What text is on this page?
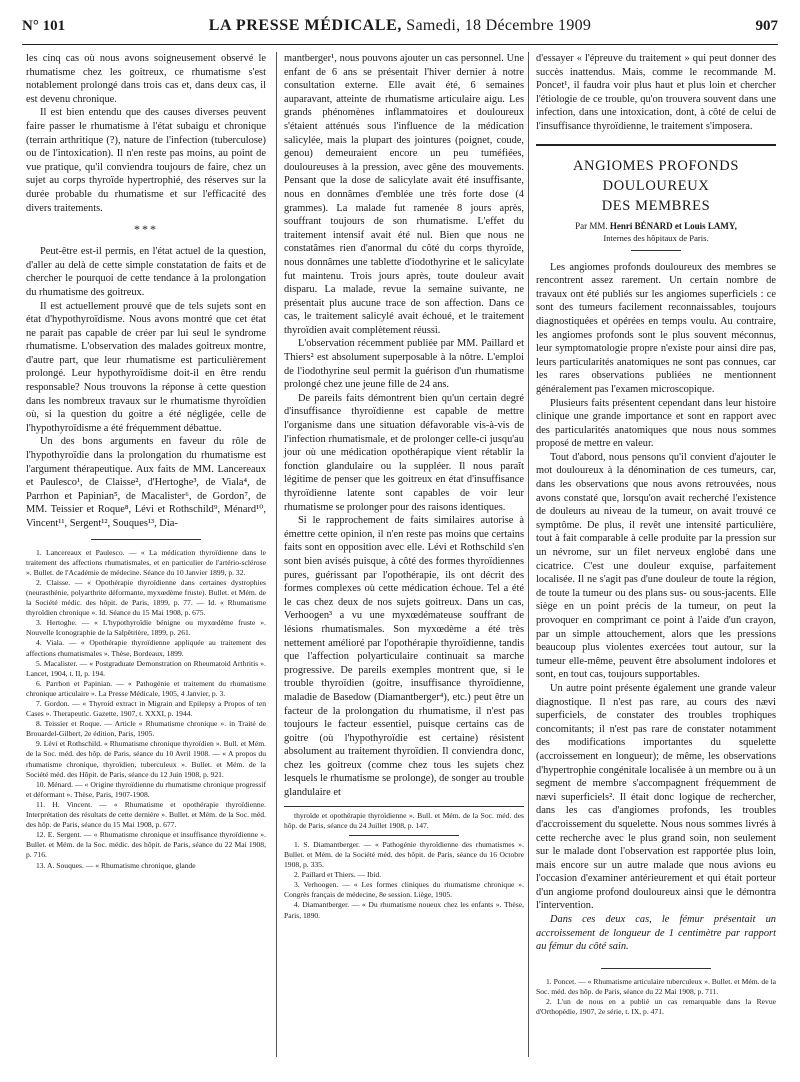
N° 101	LA PRESSE MÉDICALE, Samedi, 18 Décembre 1909	907

les cinq cas où nous avons soigneusement observé le rhumatisme chez les goitreux, ce rhumatisme s'est notablement prolongé dans trois cas et, dans deux cas, il est devenu chronique.

Il est bien entendu que des causes diverses peuvent faire passer le rhumatisme à l'état subaigu et chronique (terrain arthritique (?), nature de l'infection (tuberculose) ou de l'intoxication). Il n'en reste pas moins, au point de vue pratique, qu'il conviendra toujours de faire, chez un sujet au corps thyroïde hypertrophié, des réserves sur la durée probable du rhumatisme et sur l'efficacité des divers traitements.

***

Peut-être est-il permis, en l'état actuel de la question, d'aller au delà de cette simple constatation de faits et de chercher le pourquoi de cette tendance à la prolongation du rhumatisme des goitreux.

Il est actuellement prouvé que de tels sujets sont en état d'hypothyroïdisme. Nous avons montré que cet état ne parait pas capable de créer par lui seul le syndrome rhumatisme. L'observation des malades goitreux montre, d'autre part, que leur rhumatisme est particulièrement prolongé. Leur hypothyroïdisme doit-il en être rendu responsable? Nous trouvons la réponse à cette question dans les nombreux travaux sur le rhumatisme thyroïdien où, si la question du goitre a été négligée, celle de l'hypothyroïdisme a été fréquemment débattue.

Un des bons arguments en faveur du rôle de l'hypothyroïdie dans la prolongation du rhumatisme est l'argument thérapeutique. Aux faits de MM. Lancereaux et Paulesco¹, de Claisse², d'Hertoghe³, de Viala⁴, de Parrhon et Papinian⁵, de Macalister⁶, de Gordon⁷, de MM. Teissier et Roque⁸, Lévi et Rothschild⁹, Ménard¹⁰, Vincent¹¹, Sergent¹², Souques¹³, Dia-

1. Lancereaux et Paulesco. — « La médication thyroïdienne dans le traitement des affections rhumatismales, et en particulier de l'artério-sclérose ». Bullet. de l'Académie de médecine. Séance du 10 Janvier 1899, p. 32.

2. Claisse. — « Opothérapie thyroïdienne dans certaines dystrophies (neurasthénie, polyarthrite déformante, myxœdème fruste). Bullet. et Mém. de la Société médic. des hôpit. de Paris, 1899, p. 77. — Id. « Rhumatisme thyroïdien chronique ». Id. Séance du 15 Mai 1908, p. 675.

3. Hertoghe. — « L'hypothyroïdie bénigne ou myxœdème fruste ». Nouvelle Iconographie de la Salpêtrière, 1899, p. 261.

4. Viala. — « Opothérapie thyroïdienne appliquée au traitement des affections rhumatismales ». Thèse, Bordeaux, 1899.

5. Macalister. — « Postgraduate Demonstration on Rheumatoid Arthritis ». Lancet, 1904, t. II, p. 194.

6. Parrhon et Papinian. — « Pathogénie et traitement du rhumatisme chronique articulaire ». La Presse Médicale, 1905, 4 Janvier, p. 3.

7. Gordon. — « Thyroid extract in Migrain and Epilepsy a Propos of ten Cases ». Therapeutic. Gazette, 1907, t. XXXI, p. 1944.

8. Teissier et Roque. — Article « Rhumatisme chronique ». in Traité de Brouardel-Gilbert, 2e édition, Paris, 1905.

9. Lévi et Rothschild. « Rhumatisme chronique thyroïdien ». Bull. et Mém. de la Soc. méd. des hôp. de Paris, séance du 10 Avril 1908. — « A propos du rhumatisme chronique, thyroïdien, tuberculeux ». Bullet. et Mém. de la Société méd. des Hôpit. de Paris, séance du 12 Juin 1908, p. 921.

10. Ménard. — « Origine thyroïdienne du rhumatisme chronique progressif et déformant ». Thèse, Paris, 1907-1908.

11. H. Vincent. — « Rhumatisme et opothérapie thyroïdienne. Interprétation des résultats de cette dernière ». Bullet. et Mém. de la Soc. méd. des hôp. de Paris, séance du 15 Mai 1908, p. 677.

12. E. Sergent. — « Rhumatisme chronique et insuffisance thyroïdienne ». Bullet. et Mém. de la Soc. médic. des hôpit. de Paris, séance du 22 Mai 1908, p. 716.

13. A. Souques. — « Rhumatisme chronique, glande

mantberger¹, nous pouvons ajouter un cas personnel. Une enfant de 6 ans se présentait l'hiver dernier à notre consultation externe. Elle avait été, 6 semaines auparavant, atteinte de rhumatisme articulaire aigu. Les grands phénomènes inflammatoires et douloureux s'étaient atténués sous l'influence de la médication salicylée, mais la plupart des jointures (poignet, coude, genou) demeuraient encore un peu tuméfiées, douloureuses à la pression, avec gêne des mouvements. Pensant que la dose de salicylate avait été insuffisante, nous en donnâmes d'emblée une très forte dose (4 grammes). La malade fut ramenée 8 jours après, souffrant toujours de son rhumatisme. L'effet du traitement intensif avait été nul. Bien que nous ne constatâmes rien d'anormal du côté du corps thyroïde, nous donnâmes une tablette d'iodothyrine et le salicylate fut maintenu. Trois jours après, toute douleur avait disparu. La malade, revue la semaine suivante, ne présentait plus aucune trace de son affection. Dans ce cas, le traitement salicylé avait échoué, et le traitement thyroïdien avait complètement réussi.

L'observation récemment publiée par MM. Paillard et Thiers² est absolument superposable à la nôtre. L'emploi de l'iodothyrine seul permit la guérison d'un rhumatisme prolongé chez une jeune fille de 24 ans.

De pareils faits démontrent bien qu'un certain degré d'insuffisance thyroïdienne est capable de mettre l'organisme dans une situation défavorable vis-à-vis de l'infection rhumatismale, et de prolonger celle-ci jusqu'au jour où une médication opothérapique vient rétablir la fonction glandulaire ou la suppléer. Il nous paraît légitime de penser que les goitreux en état d'insuffisance thyroïdienne latente sont capables de voir leur rhumatisme se prolonger pour des raisons identiques.

Si le rapprochement de faits similaires autorise à émettre cette opinion, il n'en reste pas moins que certains faits sont en opposition avec elle. Lévi et Rothschild s'en sont bien avisés puisque, à côté des formes thyroïdiennes pures, guérissant par l'opothérapie, ils ont décrit des formes complexes où cette médication échoue. Tel a été le cas chez deux de nos sujets goitreux. Dans un cas, Verhoogen³ a vu une myxœdémateuse souffrant de lésions rhumatismales. Son myxœdème a été très nettement amélioré par l'opothérapie thyroïdienne, tandis que l'affection polyarticulaire continuait sa marche progressive. De pareils exemples montrent que, si le trouble thyroïdien (goitre, insuffisance thyroïdienne, maladie de Basedow (Diamantberger⁴), etc.) peut être un facteur de la prolongation du rhumatisme, il n'est pas toujours le facteur essentiel, puisque certains cas de goitre (où l'hypothyroïdie est certaine) résistent absolument au traitement thyroïdien. Il conviendra donc, chez les goitreux (comme chez tous les sujets chez lesquels le rhumatisme se prolonge), de songer au trouble glandulaire et

thyroïde et opothérapie thyroïdienne ». Bull. et Mém. de la Soc. méd. des hôp. de Paris, séance du 24 Juillet 1908, p. 147.

1. S. Diamantberger. — « Pathogénie thyroïdienne des rhumatismes ». Bullet. et Mém. de la Société méd. des hôpit. de Paris, séance du 16 Octobre 1908, p. 335.

2. Paillard et Thiers. — Ibid.

3. Verhoogen. — « Les formes cliniques du rhumatisme chronique ». Congrès français de médecine, 8e session. Liège, 1905.

4. Diamantberger. — « Du rhumatisme noueux chez les enfants ». Thèse, Paris, 1890.

d'essayer « l'épreuve du traitement » qui peut donner des succès inattendus. Mais, comme le recommande M. Poncet¹, il faudra voir plus haut et plus loin et chercher l'étiologie de ce trouble, qu'on trouvera souvent dans une infection, dans une intoxication, dont, à côté de celui de l'insuffisance thyroïdienne, le traitement s'imposera.

ANGIOMES PROFONDS DOULOUREUX
DES MEMBRES
Par MM. Henri BÉNARD et Louis LAMY,
Internes des hôpitaux de Paris.

Les angiomes profonds douloureux des membres se rencontrent assez rarement. Un certain nombre de travaux ont été publiés sur les angiomes superficiels : ce sont des tumeurs facilement reconnaissables, toujours diagnostiquées et opérées en temps voulu. Au contraire, les angiomes profonds sont le plus souvent méconnus, leur symptomatologie propre n'existe pour ainsi dire pas, leurs particularités anatomiques ne sont pas connues, car les rares observations publiées ne mentionnent généralement pas l'examen microscopique.

Plusieurs faits présentent cependant dans leur histoire clinique une grande importance et sont en rapport avec des particularités anatomiques que nous nous sommes proposé de mettre en valeur.

Tout d'abord, nous pensons qu'il convient d'ajouter le mot douloureux à la dénomination de ces tumeurs, car, dans les observations que nous avons retrouvées, nous avons constaté que, lorsqu'on avait recherché l'existence de douleurs au niveau de la tumeur, on avait trouvé ce symptôme. De plus, il revêt une intensité particulière, tout à fait comparable à celle produite par la pression sur un névrome, sur un filet nerveux englobé dans une cicatrice. C'est une douleur exquise, parfaitement localisée. Il ne s'agit pas d'une douleur de toute la région, de toute la tumeur ou des plans sus- ou sous-jacents. Elle siège en un point précis de la tumeur, on peut la provoquer en comprimant ce point à l'aide d'un crayon, par un simple attouchement, alors que les pressions beaucoup plus violentes exercées tout autour, sur la tumeur elle-même, peuvent être absolument indolores et sont, en tout cas, toujours supportables.

Un autre point présente également une grande valeur diagnostique. Il n'est pas rare, au cours des nævi superficiels, de constater des troubles trophiques concomitants; il n'est pas rare de constater notamment des modifications importantes du squelette (accroissement en longueur); de même, les observations d'hypertrophie congénitale localisée à un membre ou à un segment de membre s'accompagnent fréquemment de nævi superficiels². Il était donc logique de rechercher, dans les cas d'angiomes profonds, les troubles d'accroissement du squelette. Nous nous sommes livrés à cette recherche avec le plus grand soin, non seulement sur le malade dont l'observation est rapportée plus loin, mais encore sur un autre malade que nous avions eu l'occasion d'examiner antérieurement et qui était porteur d'un angiome profond douloureux ainsi que le démontra l'intervention.

Dans ces deux cas, le fémur présentait un accroissement de longueur de 1 centimètre par rapport au fémur du côté sain.

1. Poncet. — « Rhumatisme articulaire tuberculeux ». Bullet. et Mém. de la Soc. méd. des hôp. de Paris, séance du 22 Mai 1908, p. 711.

2. L'un de nous en a publié un cas remarquable dans la Revue d'Orthopédie, 1907, 2e série, t. IX, p. 471.
